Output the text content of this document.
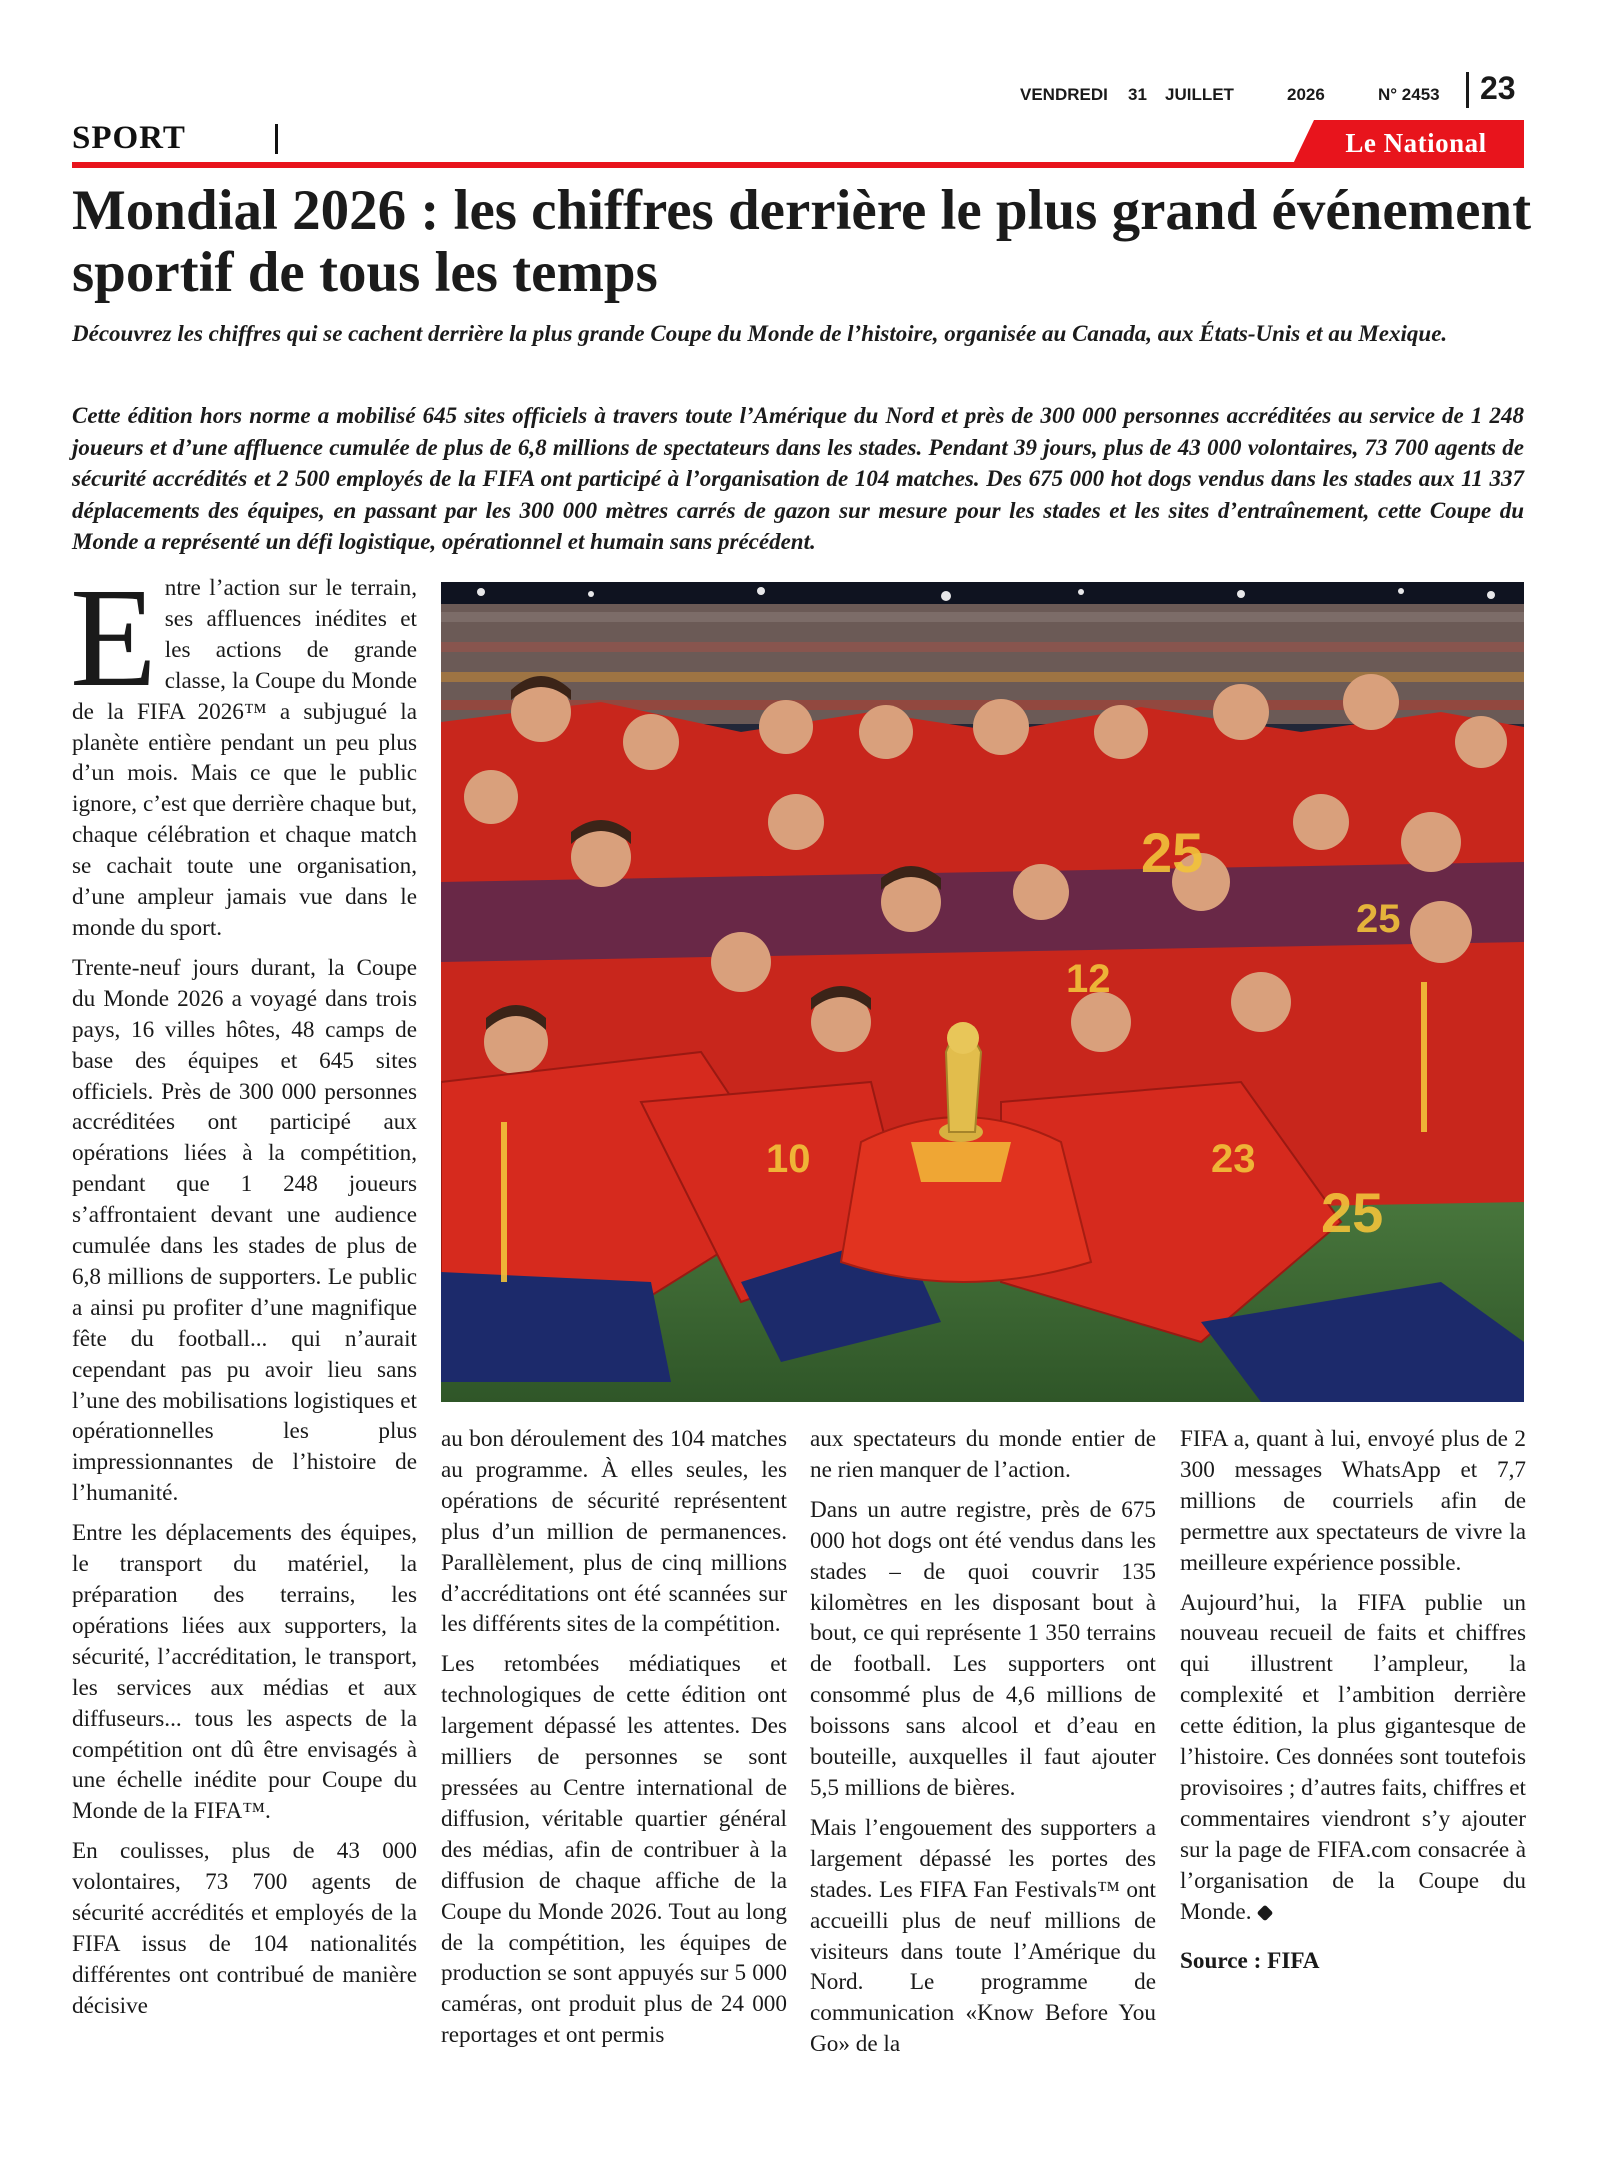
VENDREDI 31 JUILLET	2026	N° 2453 23
SPORT	Le National
Mondial 2026 : les chiffres derrière le plus grand événement sportif de tous les temps

Découvrez les chiffres qui se cachent derrière la plus grande Coupe du Monde de l’histoire, organisée au Canada, aux États-Unis et au Mexique.

Cette édition hors norme a mobilisé 645 sites officiels à travers toute l’Amérique du Nord et près de 300 000 personnes accréditées au service de 1 248 joueurs et d’une affluence cumulée de plus de 6,8 millions de spectateurs dans les stades. Pendant 39 jours, plus de 43 000 volontaires, 73 700 agents de sécurité accrédités et 2 500 employés de la FIFA ont participé à l’organisation de 104 matches. Des 675 000 hot dogs vendus dans les stades aux 11 337 déplacements des équipes, en passant par les 300 000 mètres carrés de gazon sur mesure pour les stades et les sites d’entraînement, cette Coupe du Monde a représenté un défi logistique, opérationnel et humain sans précédent.

Entre l’action sur le terrain, ses affluences inédites et les actions de grande classe, la Coupe du Monde de la FIFA 2026™ a subjugué la planète entière pendant un peu plus d’un mois. Mais ce que le public ignore, c’est que derrière chaque but, chaque célébration et chaque match se cachait toute une organisation, d’une ampleur jamais vue dans le monde du sport.

Trente-neuf jours durant, la Coupe du Monde 2026 a voyagé dans trois pays, 16 villes hôtes, 48 camps de base des équipes et 645 sites officiels. Près de 300 000 personnes accréditées ont participé aux opérations liées à la compétition, pendant que 1 248 joueurs s’affrontaient devant une audience cumulée dans les stades de plus de 6,8 millions de supporters. Le public a ainsi pu profiter d’une magnifique fête du football... qui n’aurait cependant pas pu avoir lieu sans l’une des mobilisations logistiques et opérationnelles les plus impressionnantes de l’histoire de l’humanité.

Entre les déplacements des équipes, le transport du matériel, la préparation des terrains, les opérations liées aux supporters, la sécurité, l’accréditation, le transport, les services aux médias et aux diffuseurs... tous les aspects de la compétition ont dû être envisagés à une échelle inédite pour Coupe du Monde de la FIFA™.

En coulisses, plus de 43 000 volontaires, 73 700 agents de sécurité accrédités et employés de la FIFA issus de 104 nationalités différentes ont contribué de manière décisive

25
25
12
10	23
25

au bon déroulement des 104 matches au programme. À elles seules, les opérations de sécurité représentent plus d’un million de permanences. Parallèlement, plus de cinq millions d’accréditations ont été scannées sur les différents sites de la compétition.

Les retombées médiatiques et technologiques de cette édition ont largement dépassé les attentes. Des milliers de personnes se sont pressées au Centre international de diffusion, véritable quartier général des médias, afin de contribuer à la diffusion de chaque affiche de la Coupe du Monde 2026. Tout au long de la compétition, les équipes de production se sont appuyés sur 5 000 caméras, ont produit plus de 24 000 reportages et ont permis

aux spectateurs du monde entier de ne rien manquer de l’action.

Dans un autre registre, près de 675 000 hot dogs ont été vendus dans les stades – de quoi couvrir 135 kilomètres en les disposant bout à bout, ce qui représente 1 350 terrains de football. Les supporters ont consommé plus de 4,6 millions de boissons sans alcool et d’eau en bouteille, auxquelles il faut ajouter 5,5 millions de bières.

Mais l’engouement des supporters a largement dépassé les portes des stades. Les FIFA Fan Festivals™ ont accueilli plus de neuf millions de visiteurs dans toute l’Amérique du Nord. Le programme de communication «Know Before You Go» de la

FIFA a, quant à lui, envoyé plus de 2 300 messages WhatsApp et 7,7 millions de courriels afin de permettre aux spectateurs de vivre la meilleure expérience possible.

Aujourd’hui, la FIFA publie un nouveau recueil de faits et chiffres qui illustrent l’ampleur, la complexité et l’ambition derrière cette édition, la plus gigantesque de l’histoire. Ces données sont toutefois provisoires ; d’autres faits, chiffres et commentaires viendront s’y ajouter sur la page de FIFA.com consacrée à l’organisation de la Coupe du Monde.

Source : FIFA
